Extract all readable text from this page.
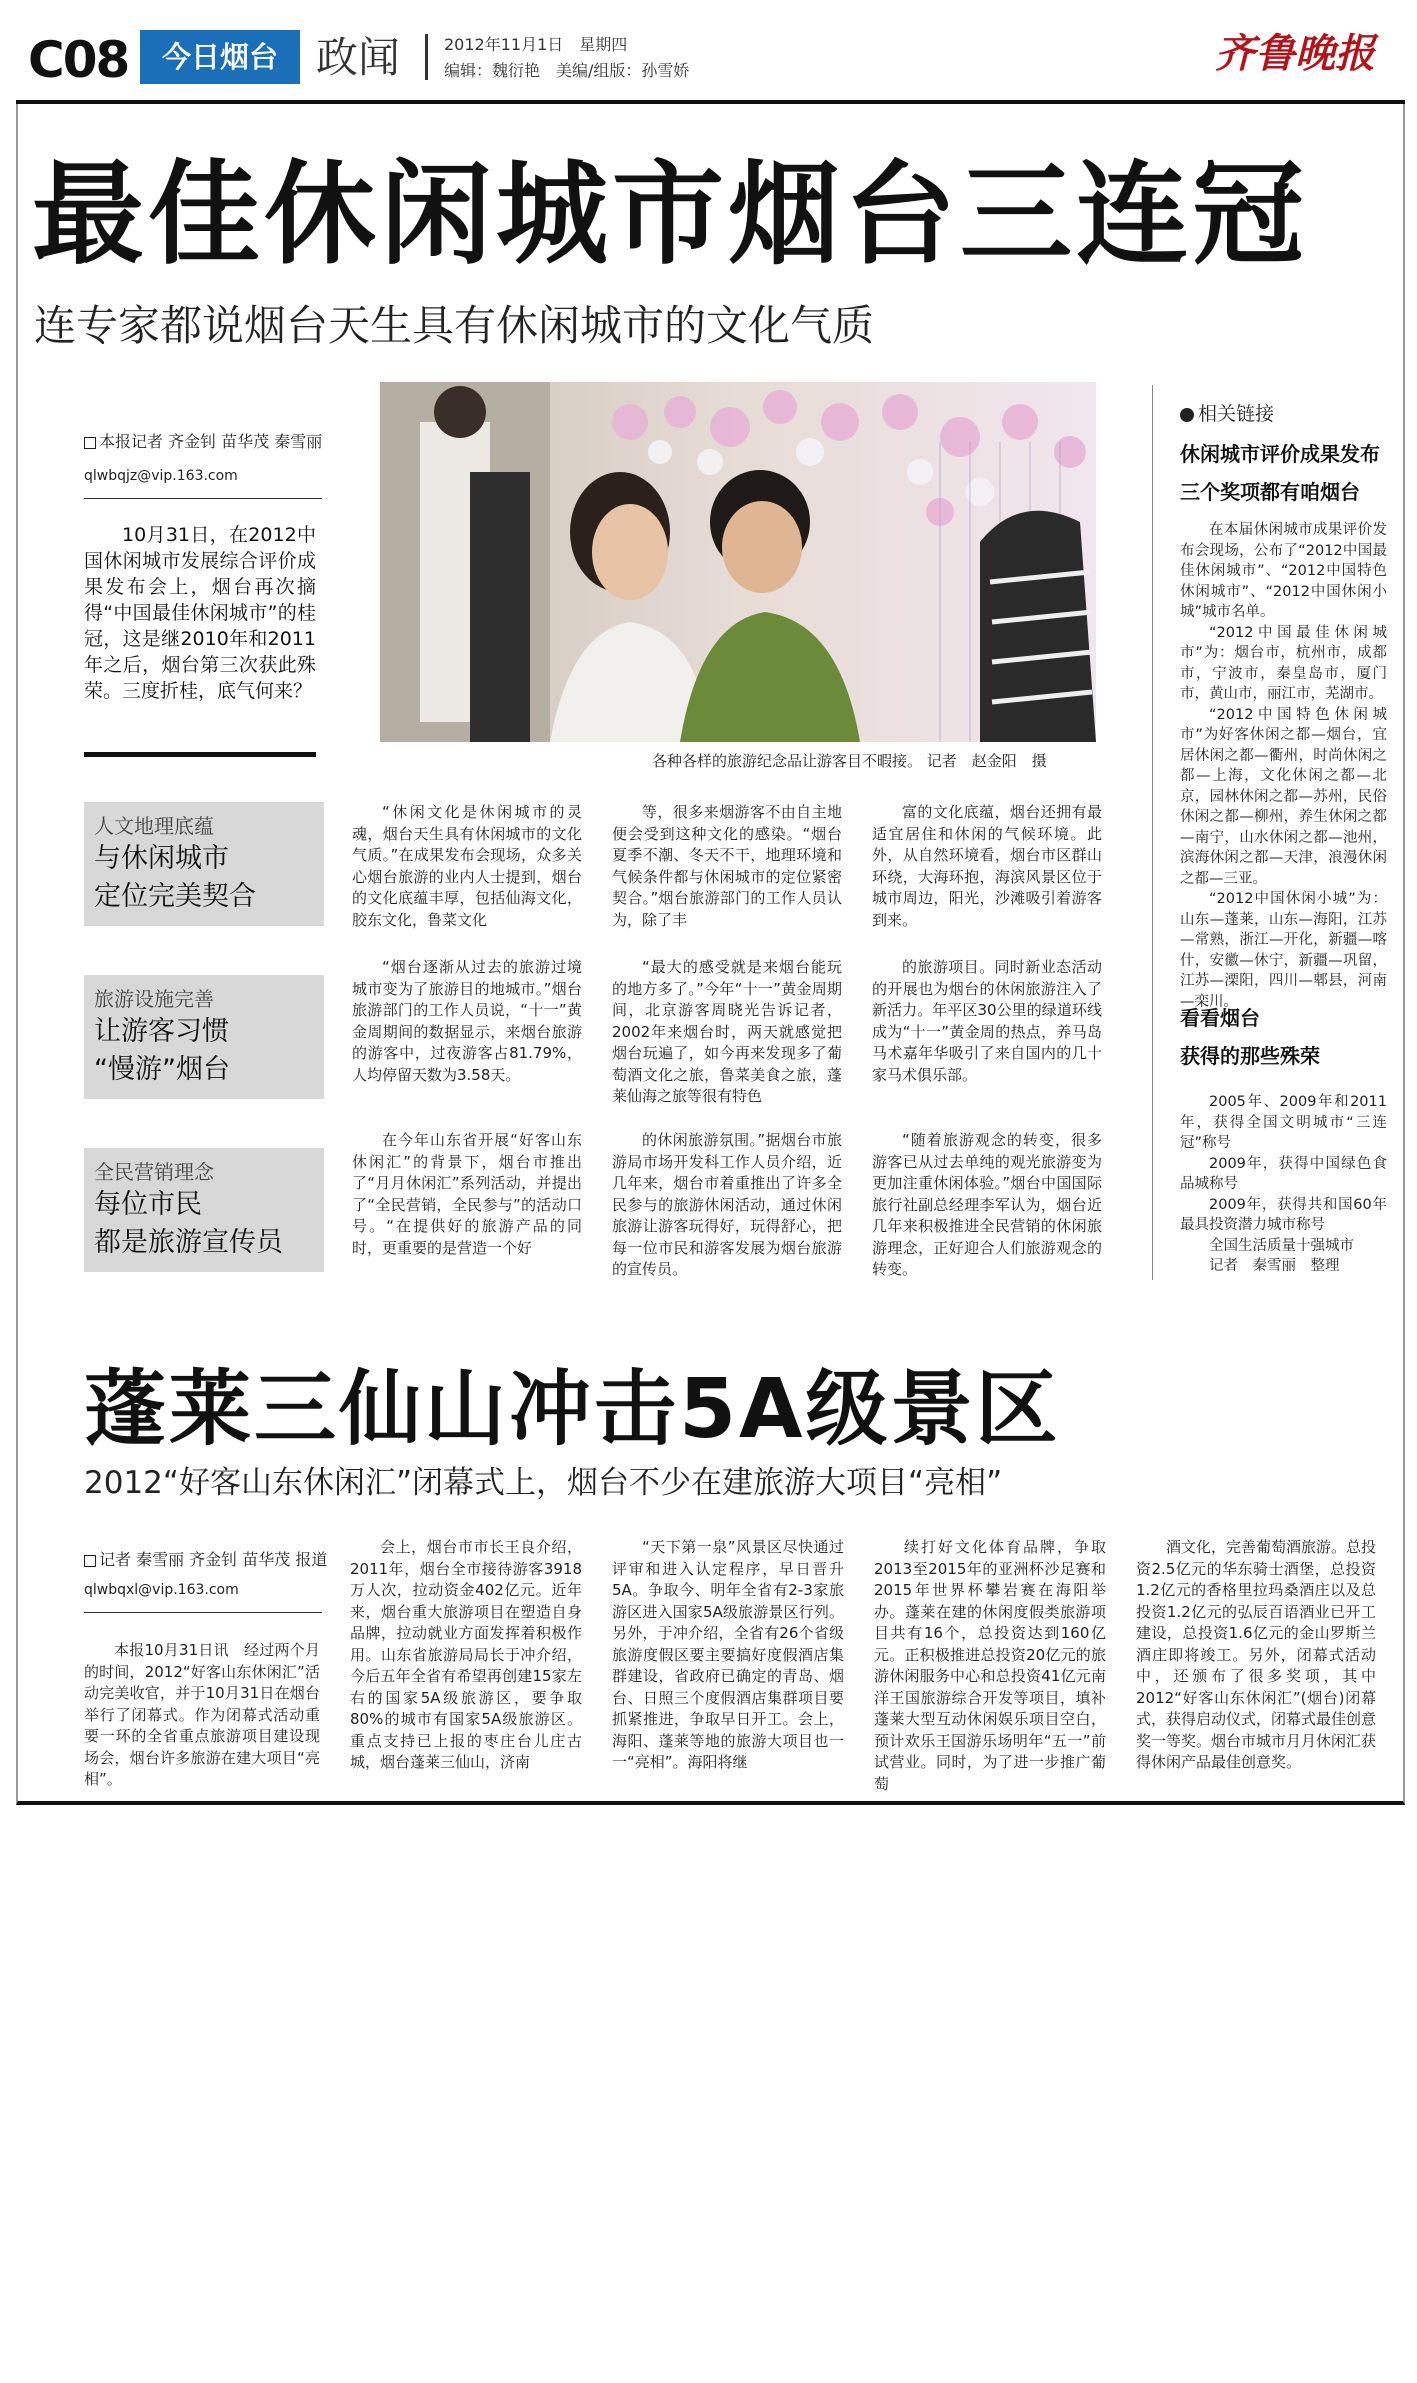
C08	今日烟台 政闻	2012年11月1日　星期四
编辑：魏衍艳　美编/组版：孙雪娇	齐鲁晚报
最佳休闲城市烟台三连冠
连专家都说烟台天生具有休闲城市的文化气质
本报记者 齐金钊 苗华茂 秦雪丽
qlwbqjz@vip.163.com

10月31日，在2012中国休闲城市发展综合评价成果发布会上，烟台再次摘得“中国最佳休闲城市”的桂冠，这是继2010年和2011年之后，烟台第三次获此殊荣。三度折桂，底气何来？

各种各样的旅游纪念品让游客目不暇接。 记者　赵金阳　摄
人文地理底蕴
与休闲城市
定位完美契合
旅游设施完善
让游客习惯
“慢游”烟台
全民营销理念
每位市民
都是旅游宣传员

“休闲文化是休闲城市的灵魂，烟台天生具有休闲城市的文化气质。”在成果发布会现场，众多关心烟台旅游的业内人士提到，烟台的文化底蕴丰厚，包括仙海文化，胶东文化，鲁菜文化

等，很多来烟游客不由自主地便会受到这种文化的感染。“烟台夏季不潮、冬天不干，地理环境和气候条件都与休闲城市的定位紧密契合。”烟台旅游部门的工作人员认为，除了丰

富的文化底蕴，烟台还拥有最适宜居住和休闲的气候环境。此外，从自然环境看，烟台市区群山环绕，大海环抱，海滨风景区位于城市周边，阳光，沙滩吸引着游客到来。

“烟台逐渐从过去的旅游过境城市变为了旅游目的地城市。”烟台旅游部门的工作人员说，“十一”黄金周期间的数据显示，来烟台旅游的游客中，过夜游客占81.79%，人均停留天数为3.58天。

“最大的感受就是来烟台能玩的地方多了。”今年“十一”黄金周期间，北京游客周晓光告诉记者，2002年来烟台时，两天就感觉把烟台玩遍了，如今再来发现多了葡萄酒文化之旅，鲁菜美食之旅，蓬莱仙海之旅等很有特色

的旅游项目。同时新业态活动的开展也为烟台的休闲旅游注入了新活力。年平区30公里的绿道环线成为“十一”黄金周的热点，养马岛马术嘉年华吸引了来自国内的几十家马术俱乐部。

在今年山东省开展“好客山东休闲汇”的背景下，烟台市推出了“月月休闲汇”系列活动，并提出了“全民营销，全民参与”的活动口号。“在提供好的旅游产品的同时，更重要的是营造一个好

的休闲旅游氛围。”据烟台市旅游局市场开发科工作人员介绍，近几年来，烟台市着重推出了许多全民参与的旅游休闲活动，通过休闲旅游让游客玩得好，玩得舒心，把每一位市民和游客发展为烟台旅游的宣传员。

“随着旅游观念的转变，很多游客已从过去单纯的观光旅游变为更加注重休闲体验。”烟台中国国际旅行社副总经理李军认为，烟台近几年来积极推进全民营销的休闲旅游理念，正好迎合人们旅游观念的转变。

相关链接
休闲城市评价成果发布
三个奖项都有咱烟台

在本届休闲城市成果评价发布会现场，公布了“2012中国最佳休闲城市”、“2012中国特色休闲城市”、“2012中国休闲小城”城市名单。

“2012中国最佳休闲城市”为：烟台市，杭州市，成都市，宁波市，秦皇岛市，厦门市，黄山市，丽江市，芜湖市。

“2012中国特色休闲城市”为好客休闲之都—烟台，宜居休闲之都—衢州，时尚休闲之都—上海，文化休闲之都—北京，园林休闲之都—苏州，民俗休闲之都—柳州，养生休闲之都—南宁，山水休闲之都—池州，滨海休闲之都—天津，浪漫休闲之都—三亚。

“2012中国休闲小城”为：山东—蓬莱，山东—海阳，江苏—常熟，浙江—开化，新疆—喀什，安徽—休宁，新疆—巩留，江苏—溧阳，四川—郫县，河南—栾川。

看看烟台
获得的那些殊荣

2005年、2009年和2011年，获得全国文明城市“三连冠”称号

2009年，获得中国绿色食品城称号

2009年，获得共和国60年最具投资潜力城市称号

全国生活质量十强城市

记者　秦雪丽　整理

蓬莱三仙山冲击5A级景区
2012“好客山东休闲汇”闭幕式上，烟台不少在建旅游大项目“亮相”
记者 秦雪丽 齐金钊 苗华茂 报道
qlwbqxl@vip.163.com

本报10月31日讯　经过两个月的时间，2012“好客山东休闲汇”活动完美收官，并于10月31日在烟台举行了闭幕式。作为闭幕式活动重要一环的全省重点旅游项目建设现场会，烟台许多旅游在建大项目“亮相”。

会上，烟台市市长王良介绍，2011年，烟台全市接待游客3918万人次，拉动资金402亿元。近年来，烟台重大旅游项目在塑造自身品牌，拉动就业方面发挥着积极作用。山东省旅游局局长于冲介绍，今后五年全省有希望再创建15家左右的国家5A级旅游区，要争取80%的城市有国家5A级旅游区。重点支持已上报的枣庄台儿庄古城，烟台蓬莱三仙山，济南

“天下第一泉”风景区尽快通过评审和进入认定程序，早日晋升5A。争取今、明年全省有2-3家旅游区进入国家5A级旅游景区行列。另外，于冲介绍，全省有26个省级旅游度假区要主要搞好度假酒店集群建设，省政府已确定的青岛、烟台、日照三个度假酒店集群项目要抓紧推进，争取早日开工。会上，海阳、蓬莱等地的旅游大项目也一一“亮相”。海阳将继

续打好文化体育品牌，争取2013至2015年的亚洲杯沙足赛和2015年世界杯攀岩赛在海阳举办。蓬莱在建的休闲度假类旅游项目共有16个，总投资达到160亿元。正积极推进总投资20亿元的旅游休闲服务中心和总投资41亿元南洋王国旅游综合开发等项目，填补蓬莱大型互动休闲娱乐项目空白，预计欢乐王国游乐场明年“五一”前试营业。同时，为了进一步推广葡萄

酒文化，完善葡萄酒旅游。总投资2.5亿元的华东骑士酒堡，总投资1.2亿元的香格里拉玛桑酒庄以及总投资1.2亿元的弘辰百语酒业已开工建设，总投资1.6亿元的金山罗斯兰酒庄即将竣工。另外，闭幕式活动中，还颁布了很多奖项，其中2012“好客山东休闲汇”(烟台)闭幕式，获得启动仪式，闭幕式最佳创意奖一等奖。烟台市城市月月休闲汇获得休闲产品最佳创意奖。
